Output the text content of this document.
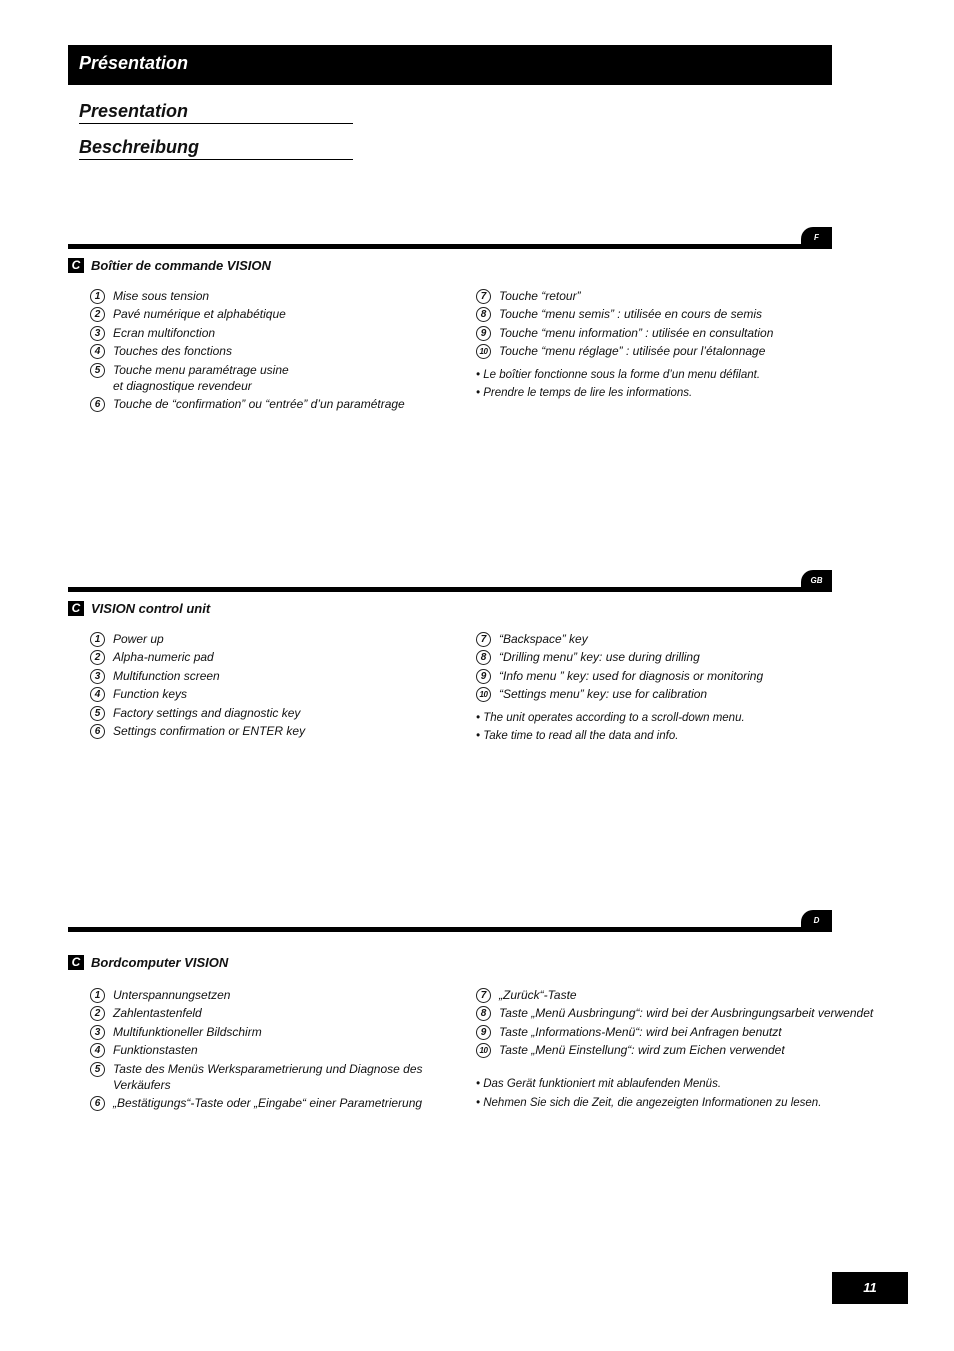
Présentation
Presentation
Beschreibung
F
C Boîtier de commande VISION
1	Mise sous tension
2	Pavé numérique et alphabétique
3	Ecran multifonction
4	Touches des fonctions
5	Touche menu paramétrage usine
et diagnostique revendeur
6	Touche de “confirmation” ou “entrée” d’un paramétrage
7	Touche “retour”
8	Touche “menu semis” : utilisée en cours de semis
9	Touche “menu information” : utilisée en consultation
10 Touche “menu réglage” : utilisée pour l’étalonnage
• Le boîtier fonctionne sous la forme d’un menu défilant.
• Prendre le temps de lire les informations.
GB
C VISION control unit
1	Power up
2	Alpha-numeric pad
3	Multifunction screen
4	Function keys
5	Factory settings and diagnostic key
6	Settings confirmation or ENTER key
7	“Backspace” key
8	“Drilling menu” key: use during drilling
9	“Info menu ” key: used for diagnosis or monitoring
10 “Settings menu” key: use for calibration
• The unit operates according to a scroll-down menu.
• Take time to read all the data and info.
D
C Bordcomputer VISION
1	Unterspannungsetzen
2	Zahlentastenfeld
3	Multifunktioneller Bildschirm
4	Funktionstasten
5	Taste des Menüs Werksparametrierung und Diagnose des
Verkäufers
6	„Bestätigungs“-Taste oder „Eingabe“ einer Parametrierung
7	„Zurück“-Taste
8	Taste „Menü Ausbringung“: wird bei der Ausbringungsarbeit verwendet
9	Taste „Informations-Menü“: wird bei Anfragen benutzt
10 Taste „Menü Einstellung“: wird zum Eichen verwendet
• Das Gerät funktioniert mit ablaufenden Menüs.
• Nehmen Sie sich die Zeit, die angezeigten Informationen zu lesen.
11
